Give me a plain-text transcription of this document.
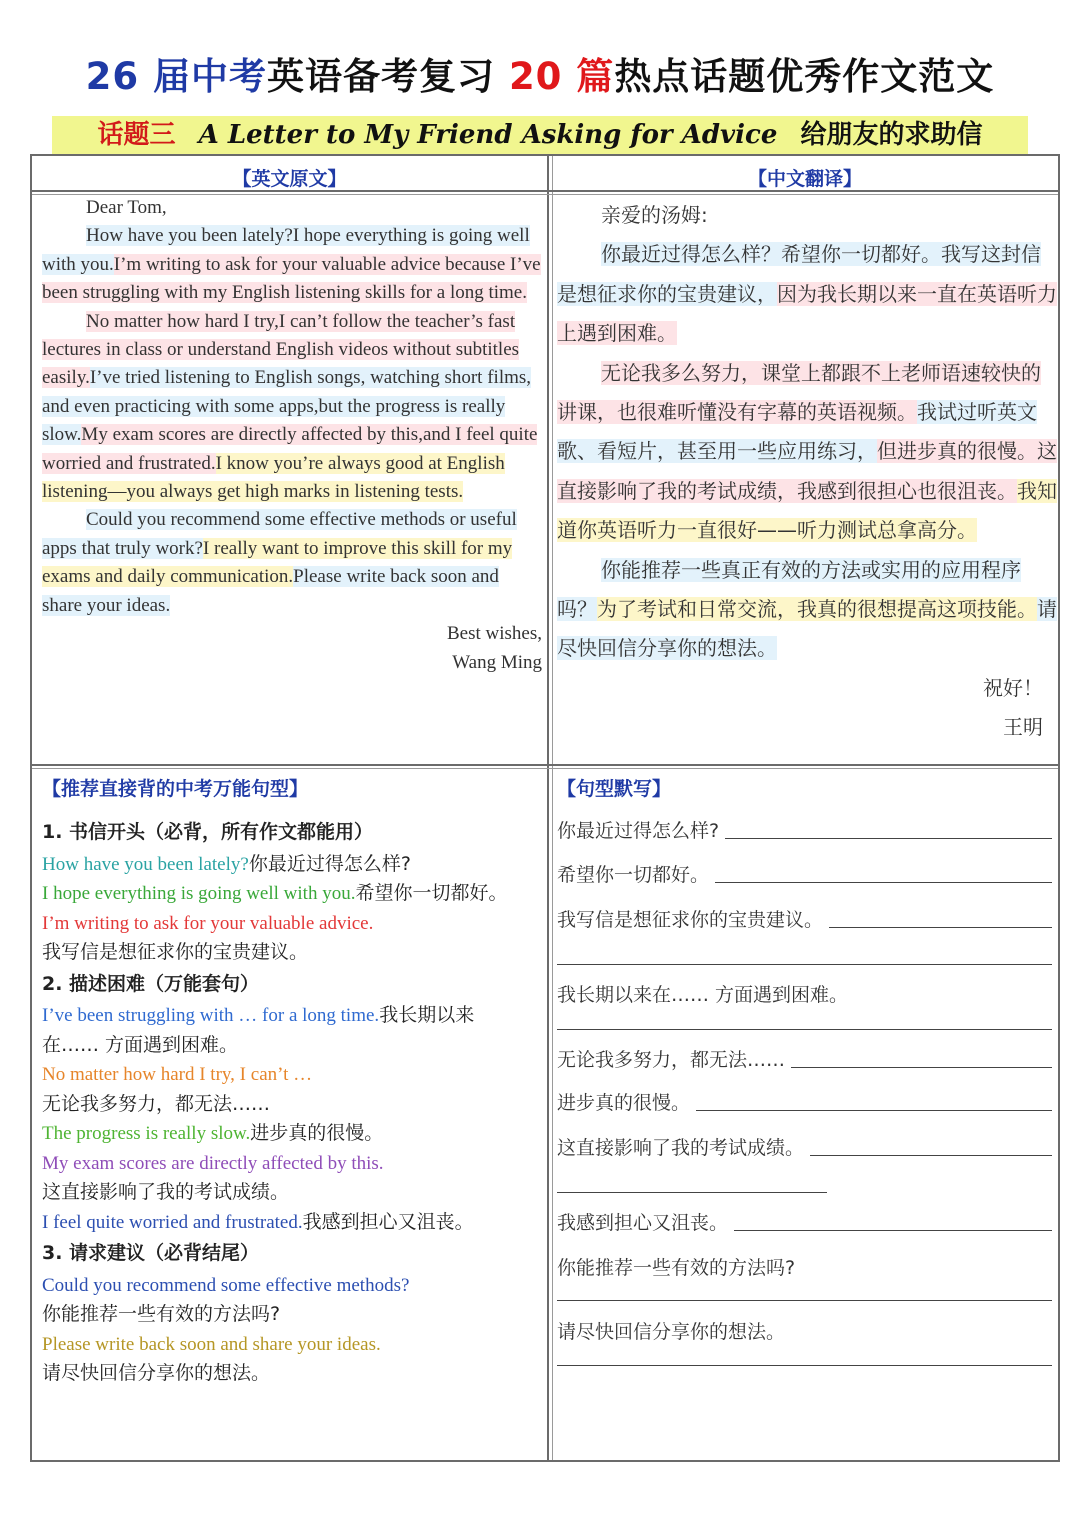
26 届中考英语备考复习 20 篇热点话题优秀作文范文
话题三 A Letter to My Friend Asking for Advice 给朋友的求助信
【英文原文】	【中文翻译】

Dear Tom,

How have you been lately?I hope everything is going well with you.I’m writing to ask for your valuable advice because I’ve been struggling with my English listening skills for a long time.

No matter how hard I try,I can’t follow the teacher’s fast lectures in class or understand English videos without subtitles easily.I’ve tried listening to English songs, watching short films, and even practicing with some apps,but the progress is really slow.My exam scores are directly affected by this,and I feel quite worried and frustrated.I know you’re always good at English listening—you always get high marks in listening tests.

Could you recommend some effective methods or useful apps that truly work?I really want to improve this skill for my exams and daily communication.Please write back soon and share your ideas.

Best wishes,

Wang Ming

亲爱的汤姆:

你最近过得怎么样？希望你一切都好。我写这封信是想征求你的宝贵建议，因为我长期以来一直在英语听力上遇到困难。

无论我多么努力，课堂上都跟不上老师语速较快的讲课，也很难听懂没有字幕的英语视频。我试过听英文歌、看短片，甚至用一些应用练习，但进步真的很慢。这直接影响了我的考试成绩，我感到很担心也很沮丧。我知道你英语听力一直很好——听力测试总拿高分。

你能推荐一些真正有效的方法或实用的应用程序吗？为了考试和日常交流，我真的很想提高这项技能。请尽快回信分享你的想法。

祝好！

王明

【推荐直接背的中考万能句型】	【句型默写】

1. 书信开头（必背，所有作文都能用）

How have you been lately?你最近过得怎么样?

I hope everything is going well with you.希望你一切都好。

I’m writing to ask for your valuable advice.

我写信是想征求你的宝贵建议。

2. 描述困难（万能套句）

I’ve been struggling with … for a long time.我长期以来

在…… 方面遇到困难。

No matter how hard I try, I can’t …

无论我多努力，都无法……

The progress is really slow.进步真的很慢。

My exam scores are directly affected by this.

这直接影响了我的考试成绩。

I feel quite worried and frustrated.我感到担心又沮丧。

3. 请求建议（必背结尾）

Could you recommend some effective methods?

你能推荐一些有效的方法吗?

Please write back soon and share your ideas.

请尽快回信分享你的想法。

你最近过得怎么样?
希望你一切都好。
我写信是想征求你的宝贵建议。
我长期以来在…… 方面遇到困难。
无论我多努力，都无法……
进步真的很慢。
这直接影响了我的考试成绩。
我感到担心又沮丧。
你能推荐一些有效的方法吗?
请尽快回信分享你的想法。
